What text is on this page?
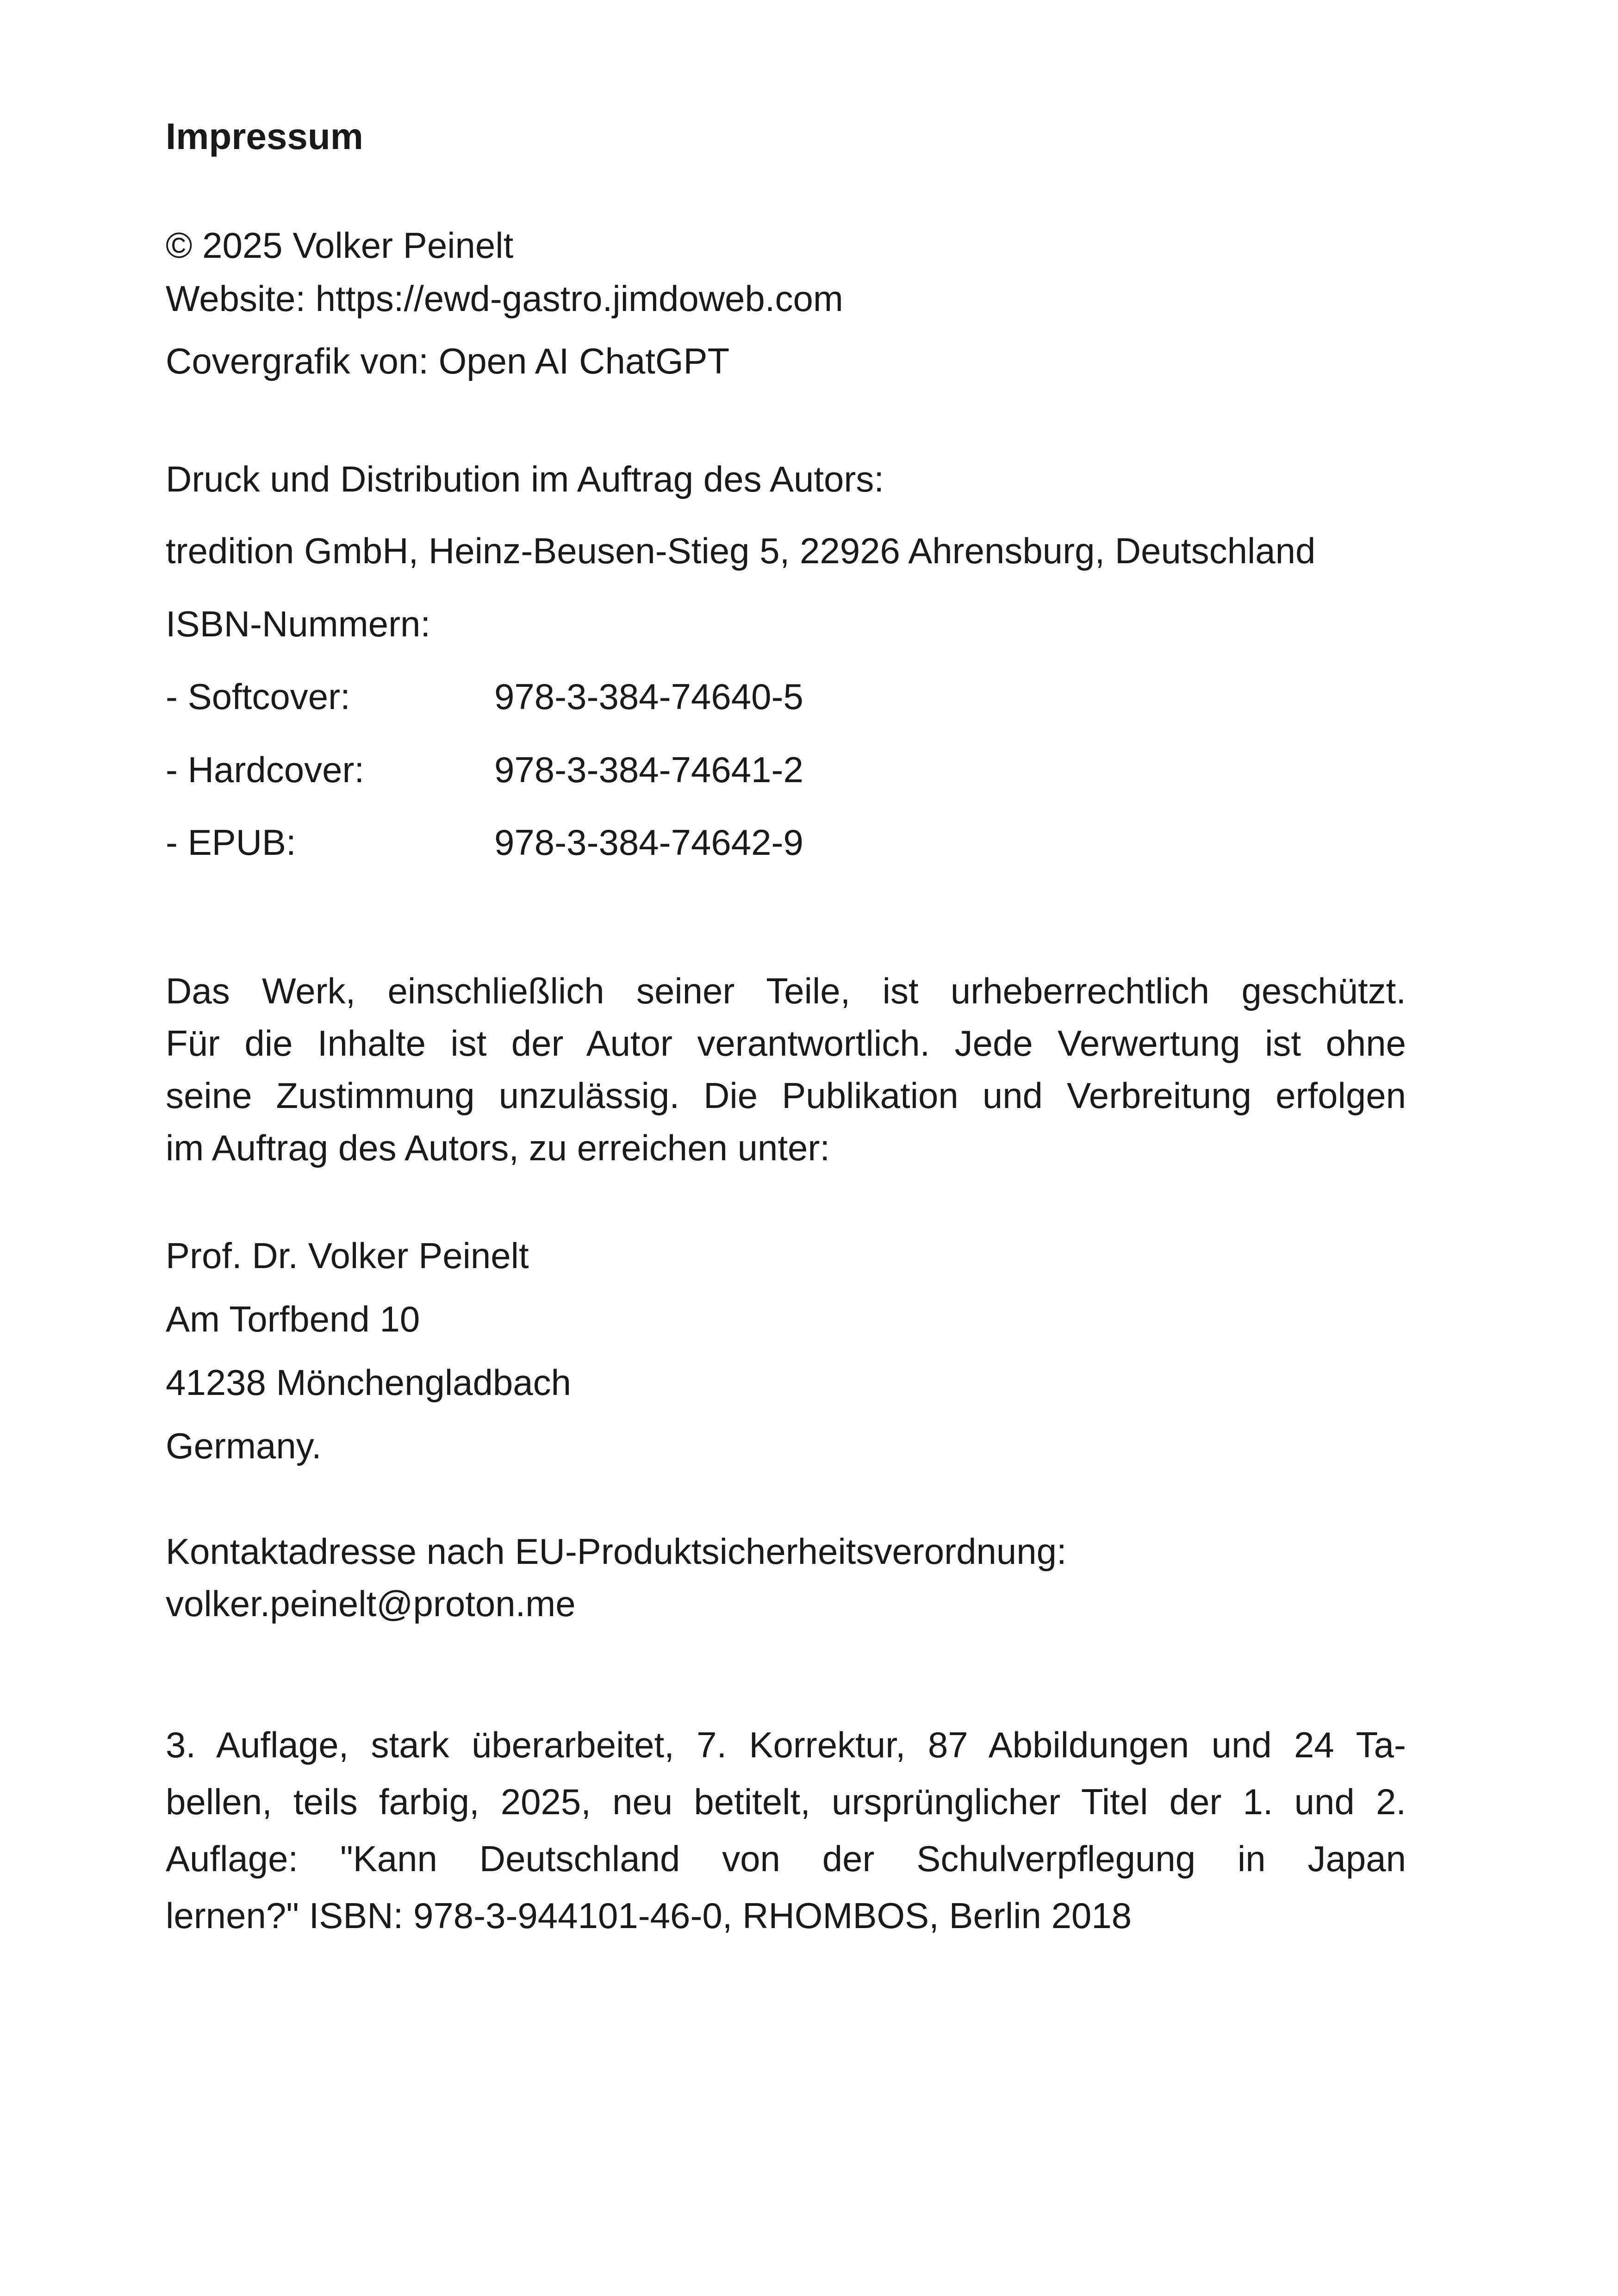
Impressum
© 2025 Volker Peinelt
Website: https://ewd-gastro.jimdoweb.com
Covergrafik von: Open AI ChatGPT
Druck und Distribution im Auftrag des Autors:
tredition GmbH, Heinz-Beusen-Stieg 5, 22926 Ahrensburg, Deutschland
ISBN-Nummern:
- Softcover:	978-3-384-74640-5
- Hardcover:	978-3-384-74641-2
- EPUB:	978-3-384-74642-9
Das Werk, einschließlich seiner Teile, ist urheberrechtlich geschützt.
Für die Inhalte ist der Autor verantwortlich. Jede Verwertung ist ohne
seine Zustimmung unzulässig. Die Publikation und Verbreitung erfolgen
im Auftrag des Autors, zu erreichen unter:
Prof. Dr. Volker Peinelt
Am Torfbend 10
41238 Mönchengladbach
Germany.
Kontaktadresse nach EU-Produktsicherheitsverordnung:
volker.peinelt@proton.me
3. Auflage, stark überarbeitet, 7. Korrektur, 87 Abbildungen und 24 Ta-
bellen, teils farbig, 2025, neu betitelt, ursprünglicher Titel der 1. und 2.
Auflage: "Kann Deutschland von der Schulverpflegung in Japan
lernen?" ISBN: 978-3-944101-46-0, RHOMBOS, Berlin 2018
